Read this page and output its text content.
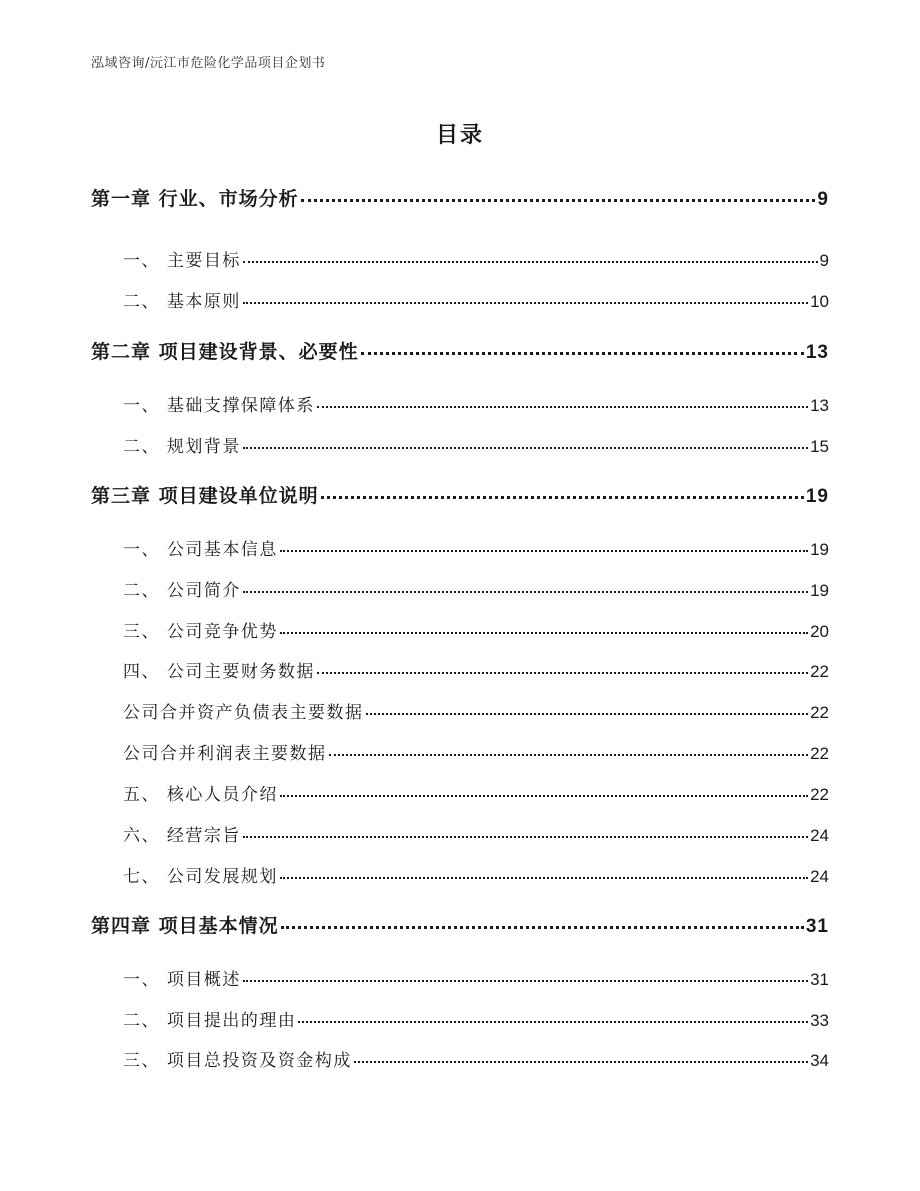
泓域咨询/沅江市危险化学品项目企划书
目录
第一章 行业、市场分析	9
一、 主要目标	9
二、 基本原则	10
第二章 项目建设背景、必要性	13
一、 基础支撑保障体系	13
二、 规划背景	15
第三章 项目建设单位说明	19
一、 公司基本信息	19
二、 公司简介	19
三、 公司竞争优势	20
四、 公司主要财务数据	22
公司合并资产负债表主要数据	22
公司合并利润表主要数据	22
五、 核心人员介绍	22
六、 经营宗旨	24
七、 公司发展规划	24
第四章 项目基本情况	31
一、 项目概述	31
二、 项目提出的理由	33
三、 项目总投资及资金构成	34
